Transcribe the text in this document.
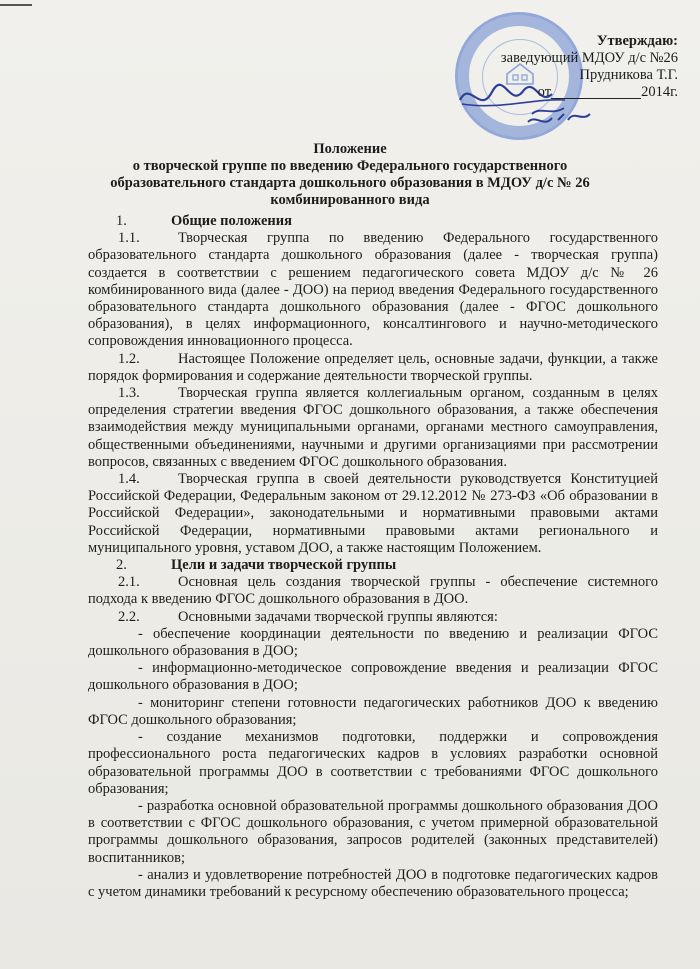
Утверждаю:
заведующий МДОУ д/с №26
Прудникова Т.Г.
от	2014г.
Положение
о творческой группе по введению Федерального государственного образовательного стандарта дошкольного образования в МДОУ д/с № 26 комбинированного вида
1.	Общие положения

1.1.	Творческая группа по введению Федерального государственного образовательного стандарта дошкольного образования (далее - творческая группа) создается в соответствии с решением педагогического совета МДОУ д/с № 26 комбинированного вида (далее - ДОО) на период введения Федерального государственного образовательного стандарта дошкольного образования (далее - ФГОС дошкольного образования), в целях информационного, консалтингового и научно-методического сопровождения инновационного процесса.

1.2.	Настоящее Положение определяет цель, основные задачи, функции, а также порядок формирования и содержание деятельности творческой группы.

1.3.	Творческая группа является коллегиальным органом, созданным в целях определения стратегии введения ФГОС дошкольного образования, а также обеспечения взаимодействия между муниципальными органами, органами местного самоуправления, общественными объединениями, научными и другими организациями при рассмотрении вопросов, связанных с введением ФГОС дошкольного образования.

1.4.	Творческая группа в своей деятельности руководствуется Конституцией Российской Федерации, Федеральным законом от 29.12.2012 № 273-ФЗ «Об образовании в Российской Федерации», законодательными и нормативными правовыми актами Российской Федерации, нормативными правовыми актами регионального и муниципального уровня, уставом ДОО, а также настоящим Положением.

2.	Цели и задачи творческой группы

2.1.	Основная цель создания творческой группы - обеспечение системного подхода к введению ФГОС дошкольного образования в ДОО.

2.2.	Основными задачами творческой группы являются:

- обеспечение координации деятельности по введению и реализации ФГОС дошкольного образования в ДОО;

- информационно-методическое сопровождение введения и реализации ФГОС дошкольного образования в ДОО;

- мониторинг степени готовности педагогических работников ДОО к введению ФГОС дошкольного образования;

- создание механизмов подготовки, поддержки и сопровождения профессионального роста педагогических кадров в условиях разработки основной образовательной программы ДОО в соответствии с требованиями ФГОС дошкольного образования;

- разработка основной образовательной программы дошкольного образования ДОО в соответствии с ФГОС дошкольного образования, с учетом примерной образовательной программы дошкольного образования, запросов родителей (законных представителей) воспитанников;

- анализ и удовлетворение потребностей ДОО в подготовке педагогических кадров с учетом динамики требований к ресурсному обеспечению образовательного процесса;
